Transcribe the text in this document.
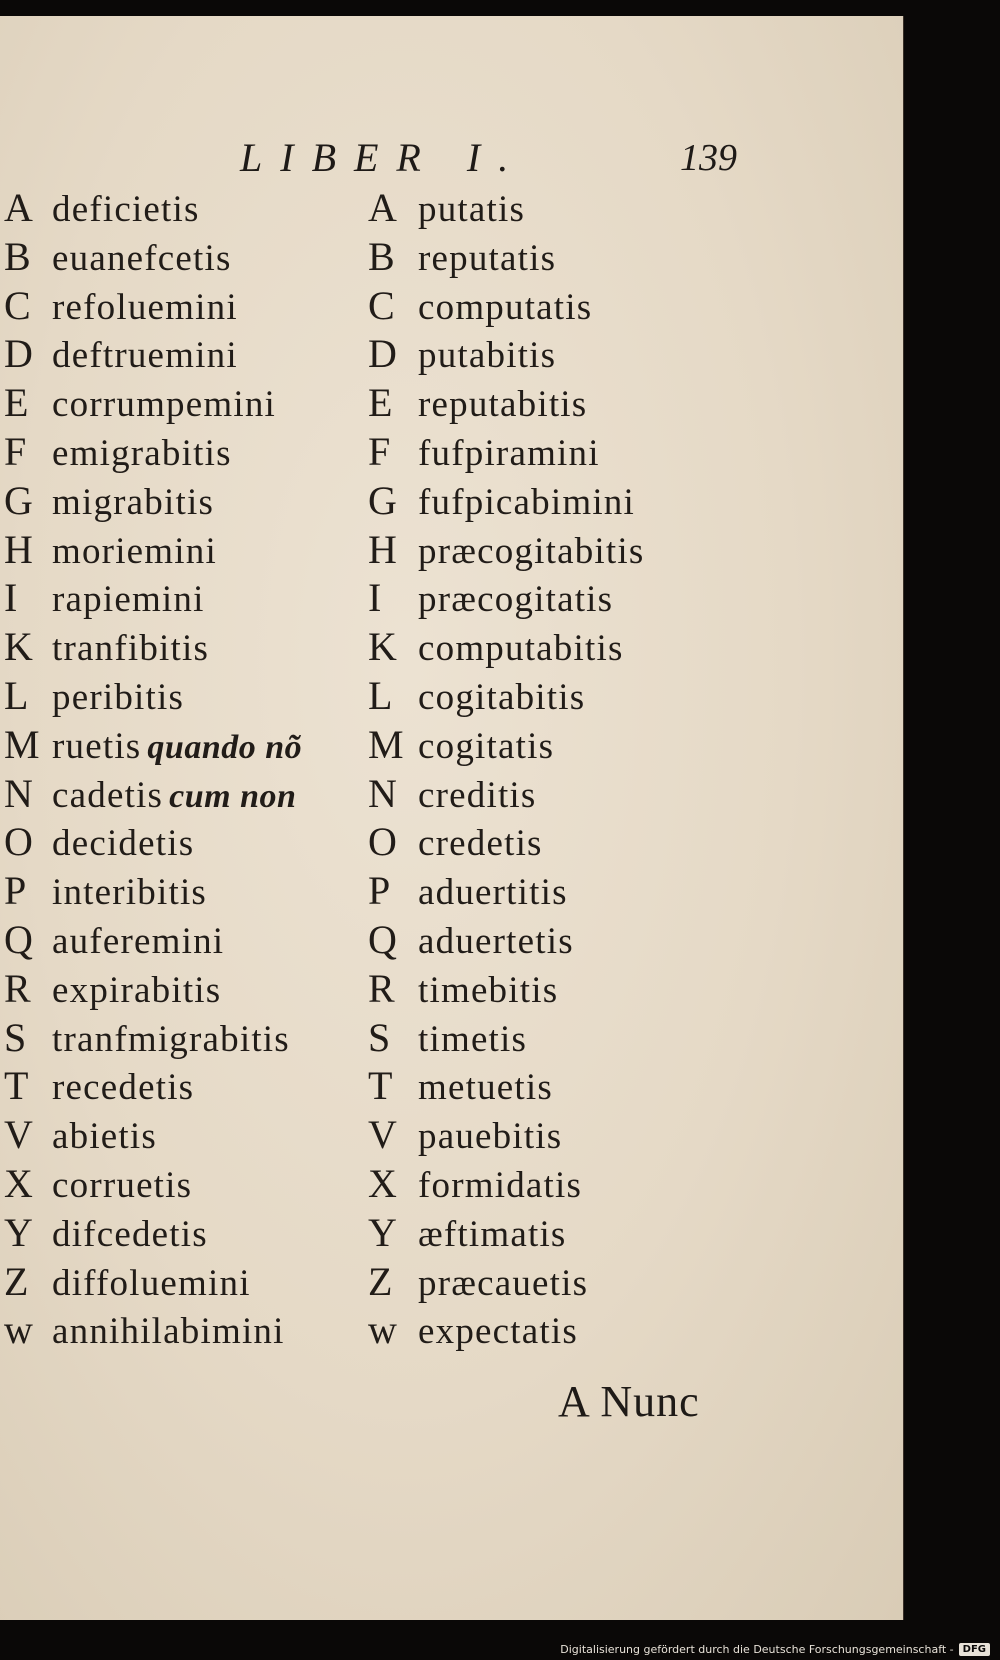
LIBER I.	139
A deficietis
B euanefcetis
C refoluemini
D deftruemini
E corrumpemini
F emigrabitis
G migrabitis
H moriemini
I rapiemini
K tranfibitis
L peribitis
M ruetis quando nõ
N cadetis cum non
O decidetis
P interibitis
Q auferemini
R expirabitis
S tranfmigrabitis
T recedetis
V abietis
X corruetis
Y difcedetis
Z diffoluemini
w annihilabimini
A putatis
B reputatis
C computatis
D putabitis
E reputabitis
F fufpiramini
G fufpicabimini
H præcogitabitis
I præcogitatis
K computabitis
L cogitabitis
M cogitatis
N creditis
O credetis
P aduertitis
Q aduertetis
R timebitis
S timetis
T metuetis
V pauebitis
X formidatis
Y æftimatis
Z præcauetis
w expectatis
A Nunc
Digitalisierung gefördert durch die Deutsche Forschungsgemeinschaft - DFG
